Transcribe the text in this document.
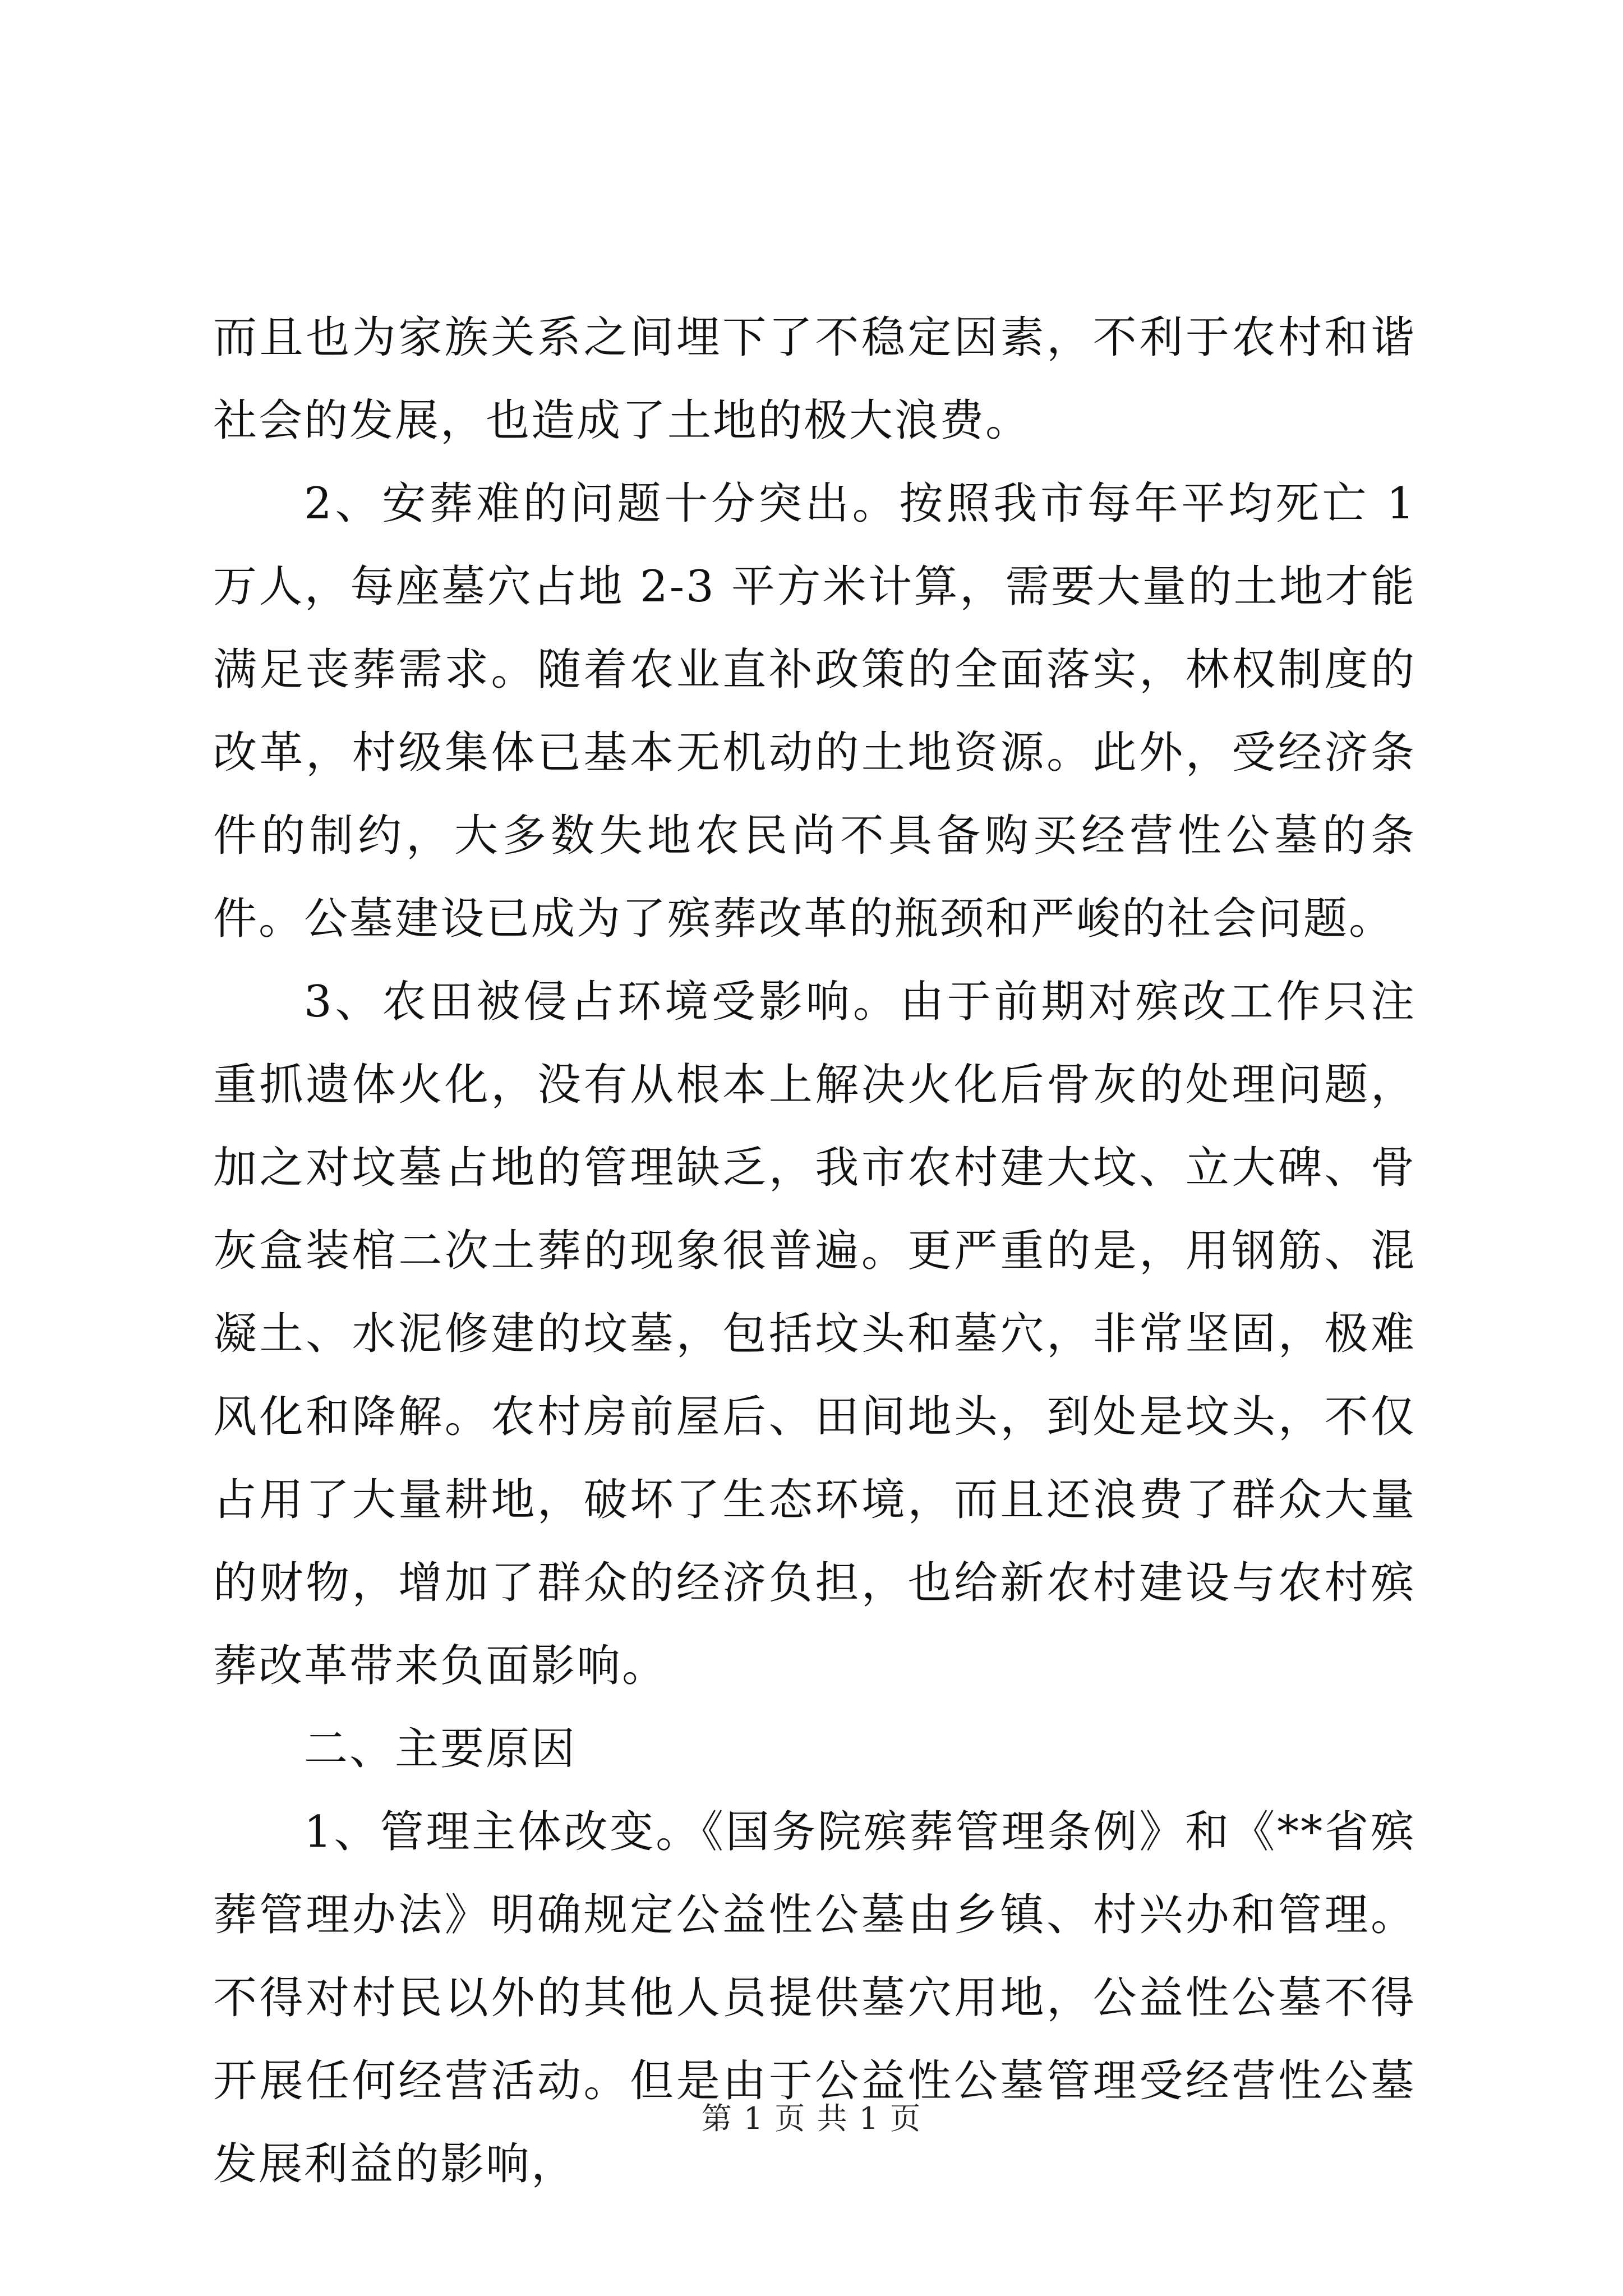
而且也为家族关系之间埋下了不稳定因素，不利于农村和谐社会的发展，也造成了土地的极大浪费。

2、安葬难的问题十分突出。按照我市每年平均死亡 1 万人，每座墓穴占地 2-3 平方米计算，需要大量的土地才能满足丧葬需求。随着农业直补政策的全面落实，林权制度的改革，村级集体已基本无机动的土地资源。此外，受经济条件的制约，大多数失地农民尚不具备购买经营性公墓的条件。公墓建设已成为了殡葬改革的瓶颈和严峻的社会问题。

3、农田被侵占环境受影响。由于前期对殡改工作只注重抓遗体火化，没有从根本上解决火化后骨灰的处理问题，加之对坟墓占地的管理缺乏，我市农村建大坟、立大碑、骨灰盒装棺二次土葬的现象很普遍。更严重的是，用钢筋、混凝土、水泥修建的坟墓，包括坟头和墓穴，非常坚固，极难风化和降解。农村房前屋后、田间地头，到处是坟头，不仅占用了大量耕地，破坏了生态环境，而且还浪费了群众大量的财物，增加了群众的经济负担，也给新农村建设与农村殡葬改革带来负面影响。

二、主要原因

1、管理主体改变。《国务院殡葬管理条例》和《**省殡葬管理办法》明确规定公益性公墓由乡镇、村兴办和管理。不得对村民以外的其他人员提供墓穴用地，公益性公墓不得开展任何经营活动。但是由于公益性公墓管理受经营性公墓发展利益的影响，

第 1 页 共 1 页
